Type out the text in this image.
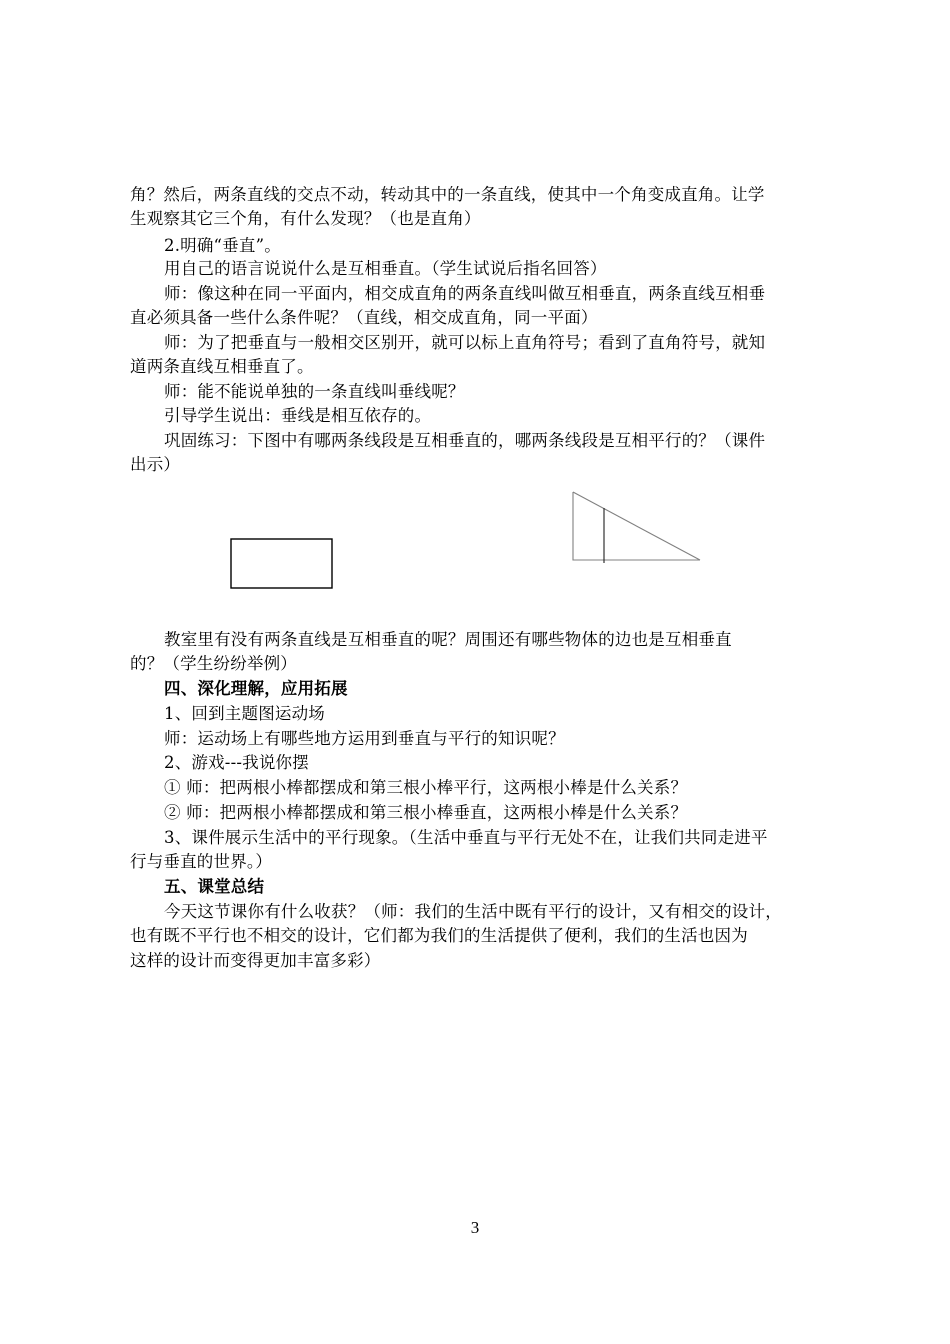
角？然后，两条直线的交点不动，转动其中的一条直线，使其中一个角变成直角。让学
生观察其它三个角，有什么发现？（也是直角）
2.明确“垂直”。
用自己的语言说说什么是互相垂直。（学生试说后指名回答）
师：像这种在同一平面内，相交成直角的两条直线叫做互相垂直，两条直线互相垂
直必须具备一些什么条件呢？（直线，相交成直角，同一平面）
师：为了把垂直与一般相交区别开，就可以标上直角符号；看到了直角符号，就知
道两条直线互相垂直了。
师：能不能说单独的一条直线叫垂线呢？
引导学生说出：垂线是相互依存的。
巩固练习：下图中有哪两条线段是互相垂直的，哪两条线段是互相平行的？（课件
出示）
教室里有没有两条直线是互相垂直的呢？周围还有哪些物体的边也是互相垂直
的？（学生纷纷举例）
四、深化理解，应用拓展
1、回到主题图运动场
师：运动场上有哪些地方运用到垂直与平行的知识呢？
2、游戏---我说你摆
① 师：把两根小棒都摆成和第三根小棒平行，这两根小棒是什么关系？
② 师：把两根小棒都摆成和第三根小棒垂直，这两根小棒是什么关系？
3、课件展示生活中的平行现象。（生活中垂直与平行无处不在，让我们共同走进平
行与垂直的世界。）
五、课堂总结
今天这节课你有什么收获？（师：我们的生活中既有平行的设计，又有相交的设计，
也有既不平行也不相交的设计，它们都为我们的生活提供了便利，我们的生活也因为
这样的设计而变得更加丰富多彩）
3
